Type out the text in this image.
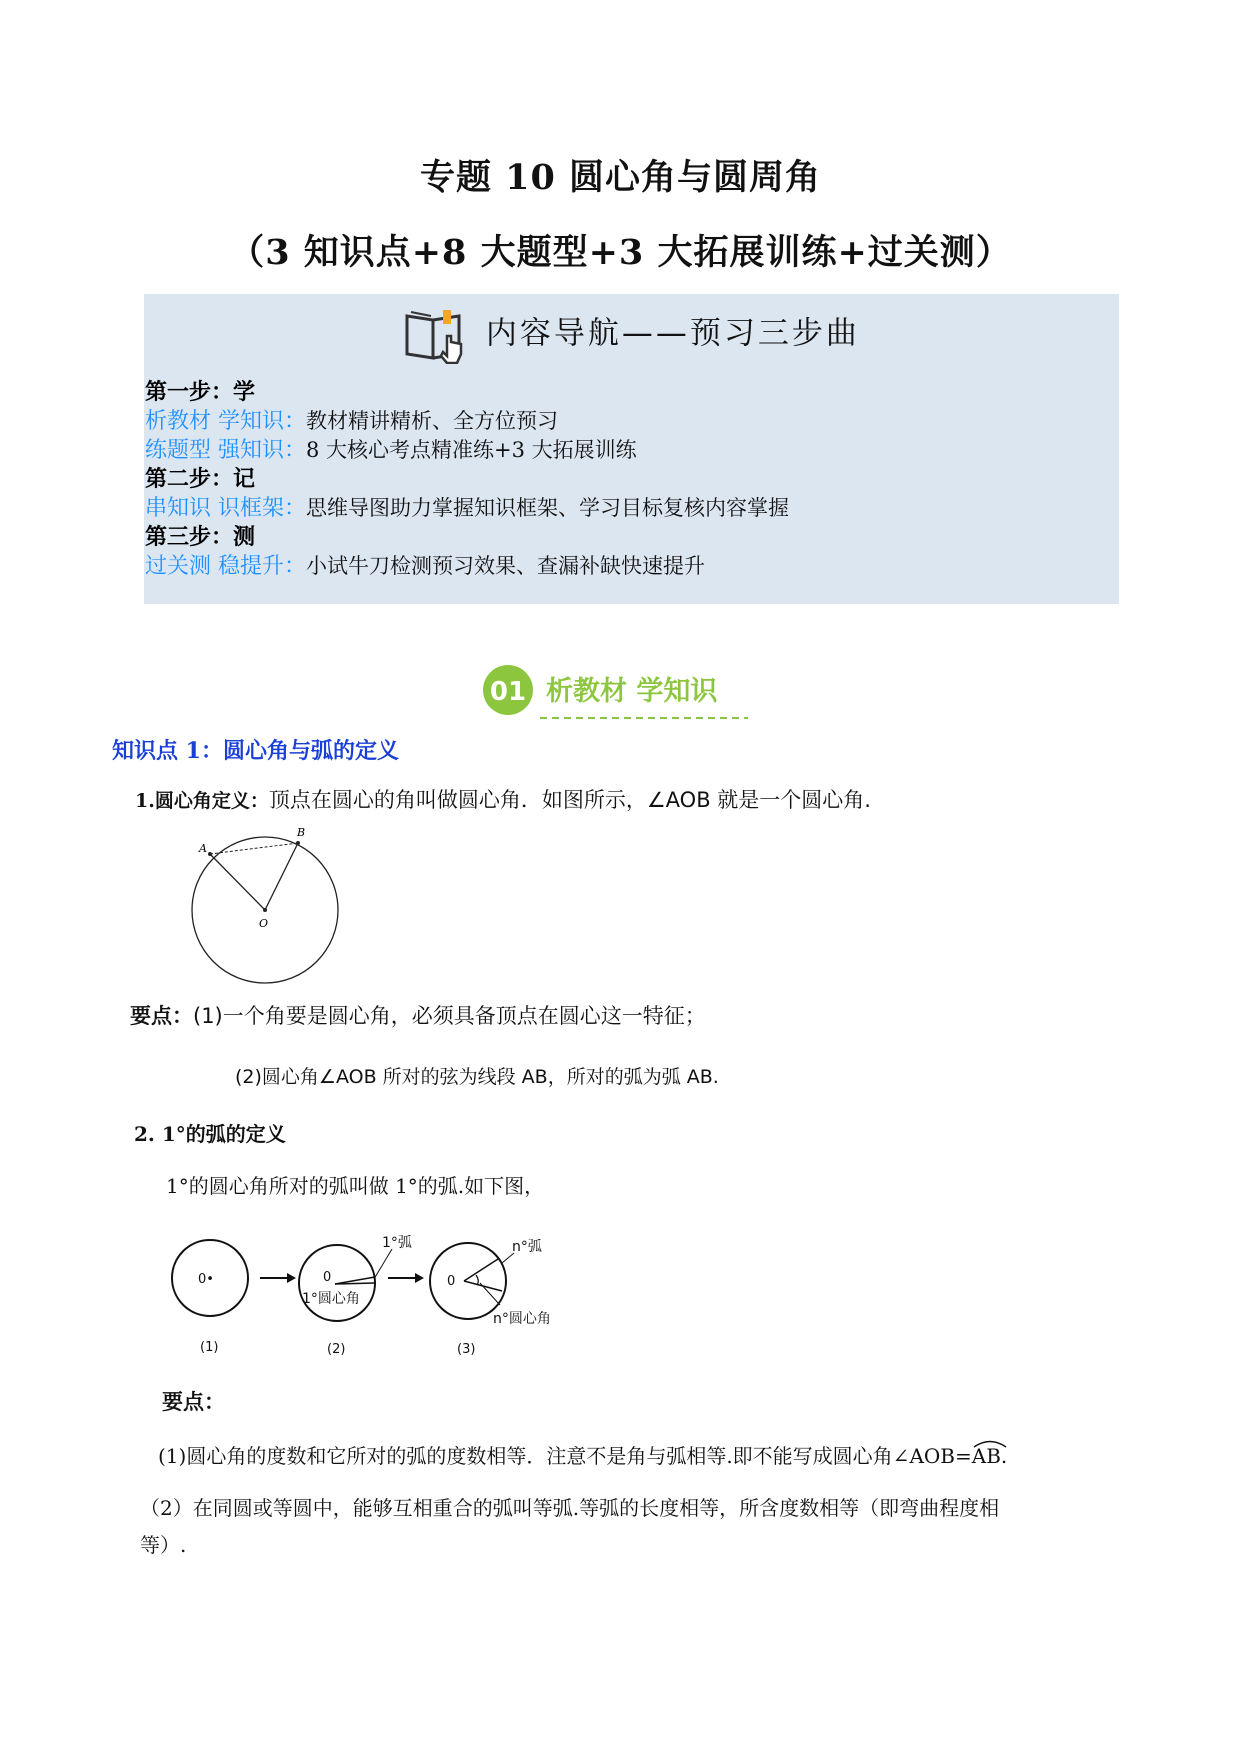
专题 10 圆心角与圆周角
（3 知识点+8 大题型+3 大拓展训练+过关测）
内容导航——预习三步曲
第一步：学
析教材 学知识：教材精讲精析、全方位预习
练题型 强知识：8 大核心考点精准练+3 大拓展训练
第二步：记
串知识 识框架：思维导图助力掌握知识框架、学习目标复核内容掌握
第三步：测
过关测 稳提升：小试牛刀检测预习效果、查漏补缺快速提升
01 析教材 学知识
知识点 1：圆心角与弧的定义
1.圆心角定义：顶点在圆心的角叫做圆心角．如图所示，∠AOB 就是一个圆心角.
A
B
O
要点：(1)一个角要是圆心角，必须具备顶点在圆心这一特征；
(2)圆心角∠AOB 所对的弦为线段 AB，所对的弧为弧 AB.
2. 1°的弧的定义
1°的圆心角所对的弧叫做 1°的弧.如下图，
0•	0
1°弧
1°圆心角
0
n°弧
n°圆心角
(1)	(2)	(3)
要点：
(1)圆心角的度数和它所对的弧的度数相等．注意不是角与弧相等.即不能写成圆心角∠AOB=
AB.
（2）在同圆或等圆中，能够互相重合的弧叫等弧.等弧的长度相等，所含度数相等（即弯曲程度相
等）.
